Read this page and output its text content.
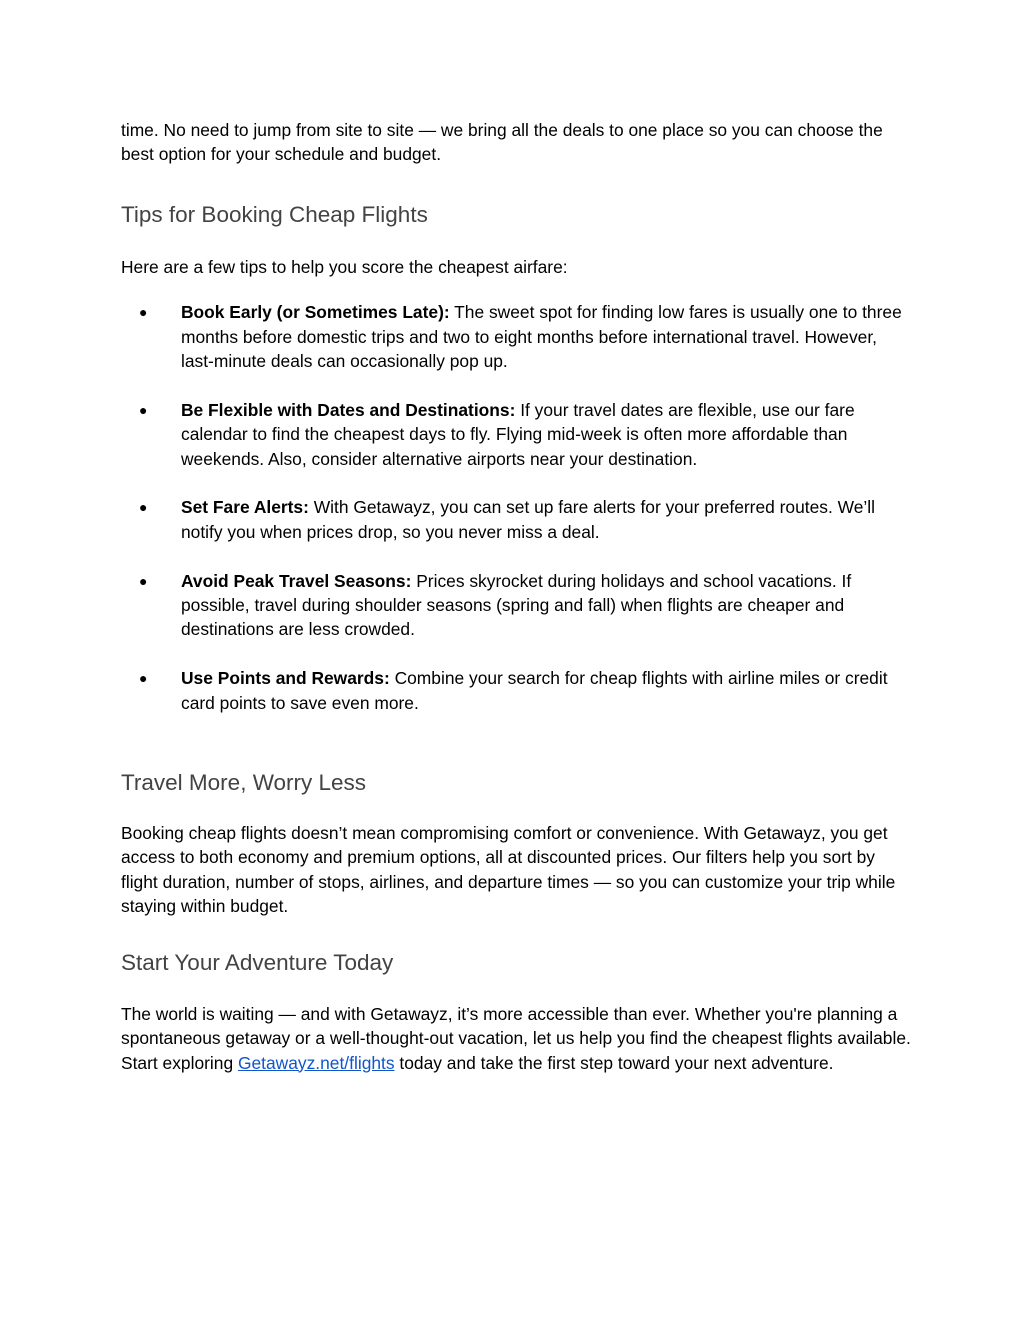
time. No need to jump from site to site — we bring all the deals to one place so you can choose the best option for your schedule and budget.

Tips for Booking Cheap Flights

Here are a few tips to help you score the cheapest airfare:

● Book Early (or Sometimes Late): The sweet spot for finding low fares is usually one to three months before domestic trips and two to eight months before international travel. However, last-minute deals can occasionally pop up.
● Be Flexible with Dates and Destinations: If your travel dates are flexible, use our fare calendar to find the cheapest days to fly. Flying mid-week is often more affordable than weekends. Also, consider alternative airports near your destination.
● Set Fare Alerts: With Getawayz, you can set up fare alerts for your preferred routes. We’ll notify you when prices drop, so you never miss a deal.
● Avoid Peak Travel Seasons: Prices skyrocket during holidays and school vacations. If possible, travel during shoulder seasons (spring and fall) when flights are cheaper and destinations are less crowded.
● Use Points and Rewards: Combine your search for cheap flights with airline miles or credit card points to save even more.
Travel More, Worry Less

Booking cheap flights doesn’t mean compromising comfort or convenience. With Getawayz, you get access to both economy and premium options, all at discounted prices. Our filters help you sort by flight duration, number of stops, airlines, and departure times — so you can customize your trip while staying within budget.

Start Your Adventure Today

The world is waiting — and with Getawayz, it’s more accessible than ever. Whether you're planning a spontaneous getaway or a well-thought-out vacation, let us help you find the cheapest flights available. Start exploring Getawayz.net/flights today and take the first step toward your next adventure.
